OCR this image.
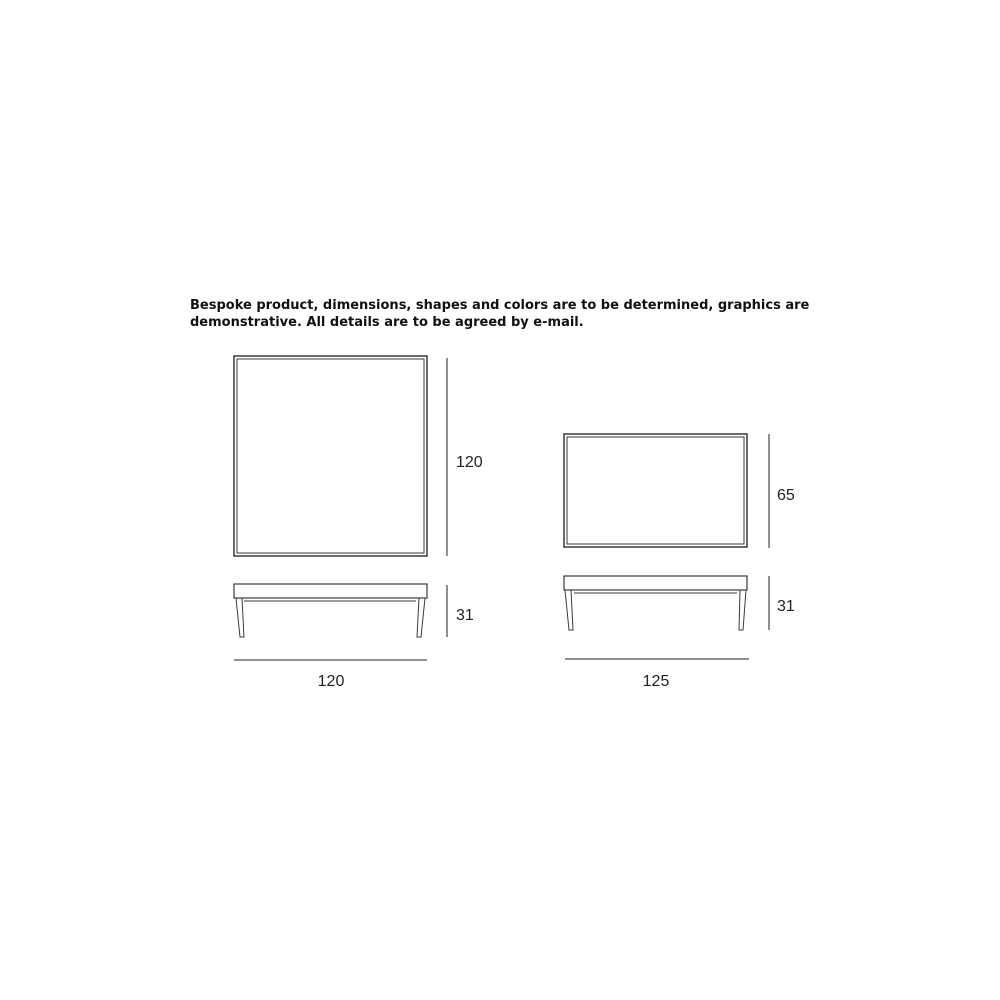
Bespoke product, dimensions, shapes and colors are to be determined, graphics are
demonstrative. All details are to be agreed by e-mail.
120
31
120
65
31
125
